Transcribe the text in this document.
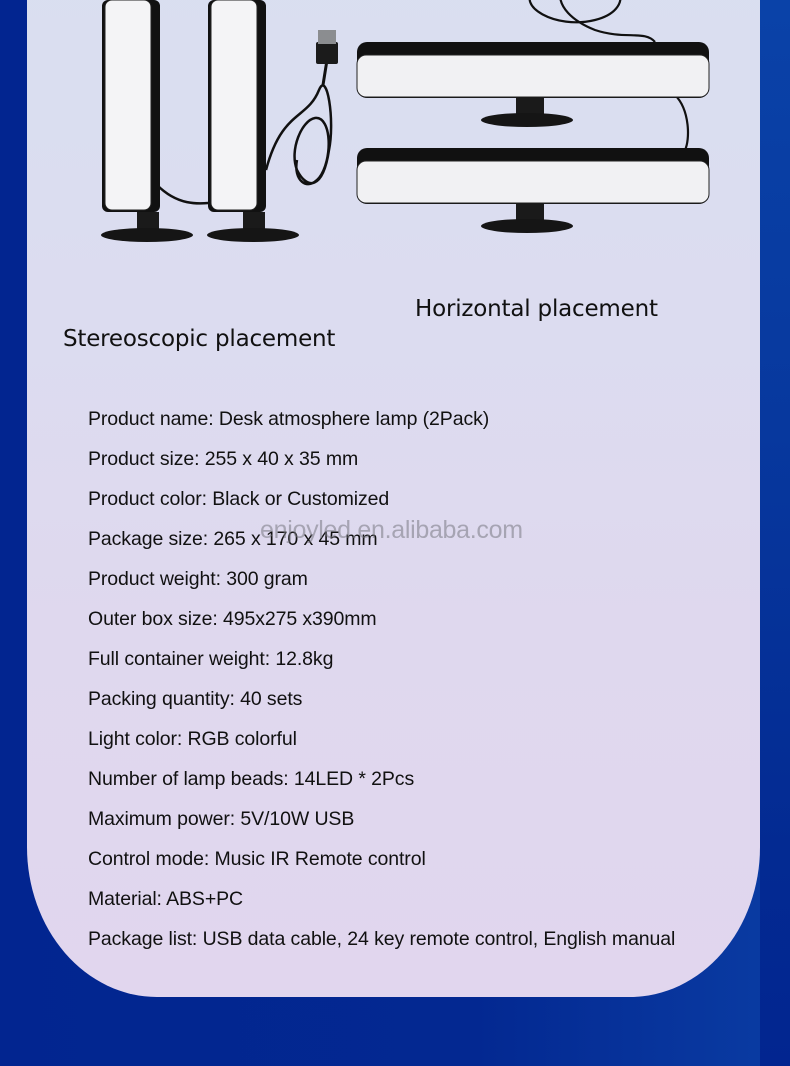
Horizontal placement
Stereoscopic placement
Product name: Desk atmosphere lamp (2Pack)
Product size: 255 x 40 x 35 mm
Product color: Black or Customized
Package size: 265 x 170 x 45 mm
Product weight: 300 gram
Outer box size: 495x275 x390mm
Full container weight: 12.8kg
Packing quantity: 40 sets
Light color: RGB colorful
Number of lamp beads: 14LED * 2Pcs
Maximum power: 5V/10W USB
Control mode: Music IR Remote control
Material: ABS+PC
Package list: USB data cable, 24 key remote control, English manual
enjoyled.en.alibaba.com
